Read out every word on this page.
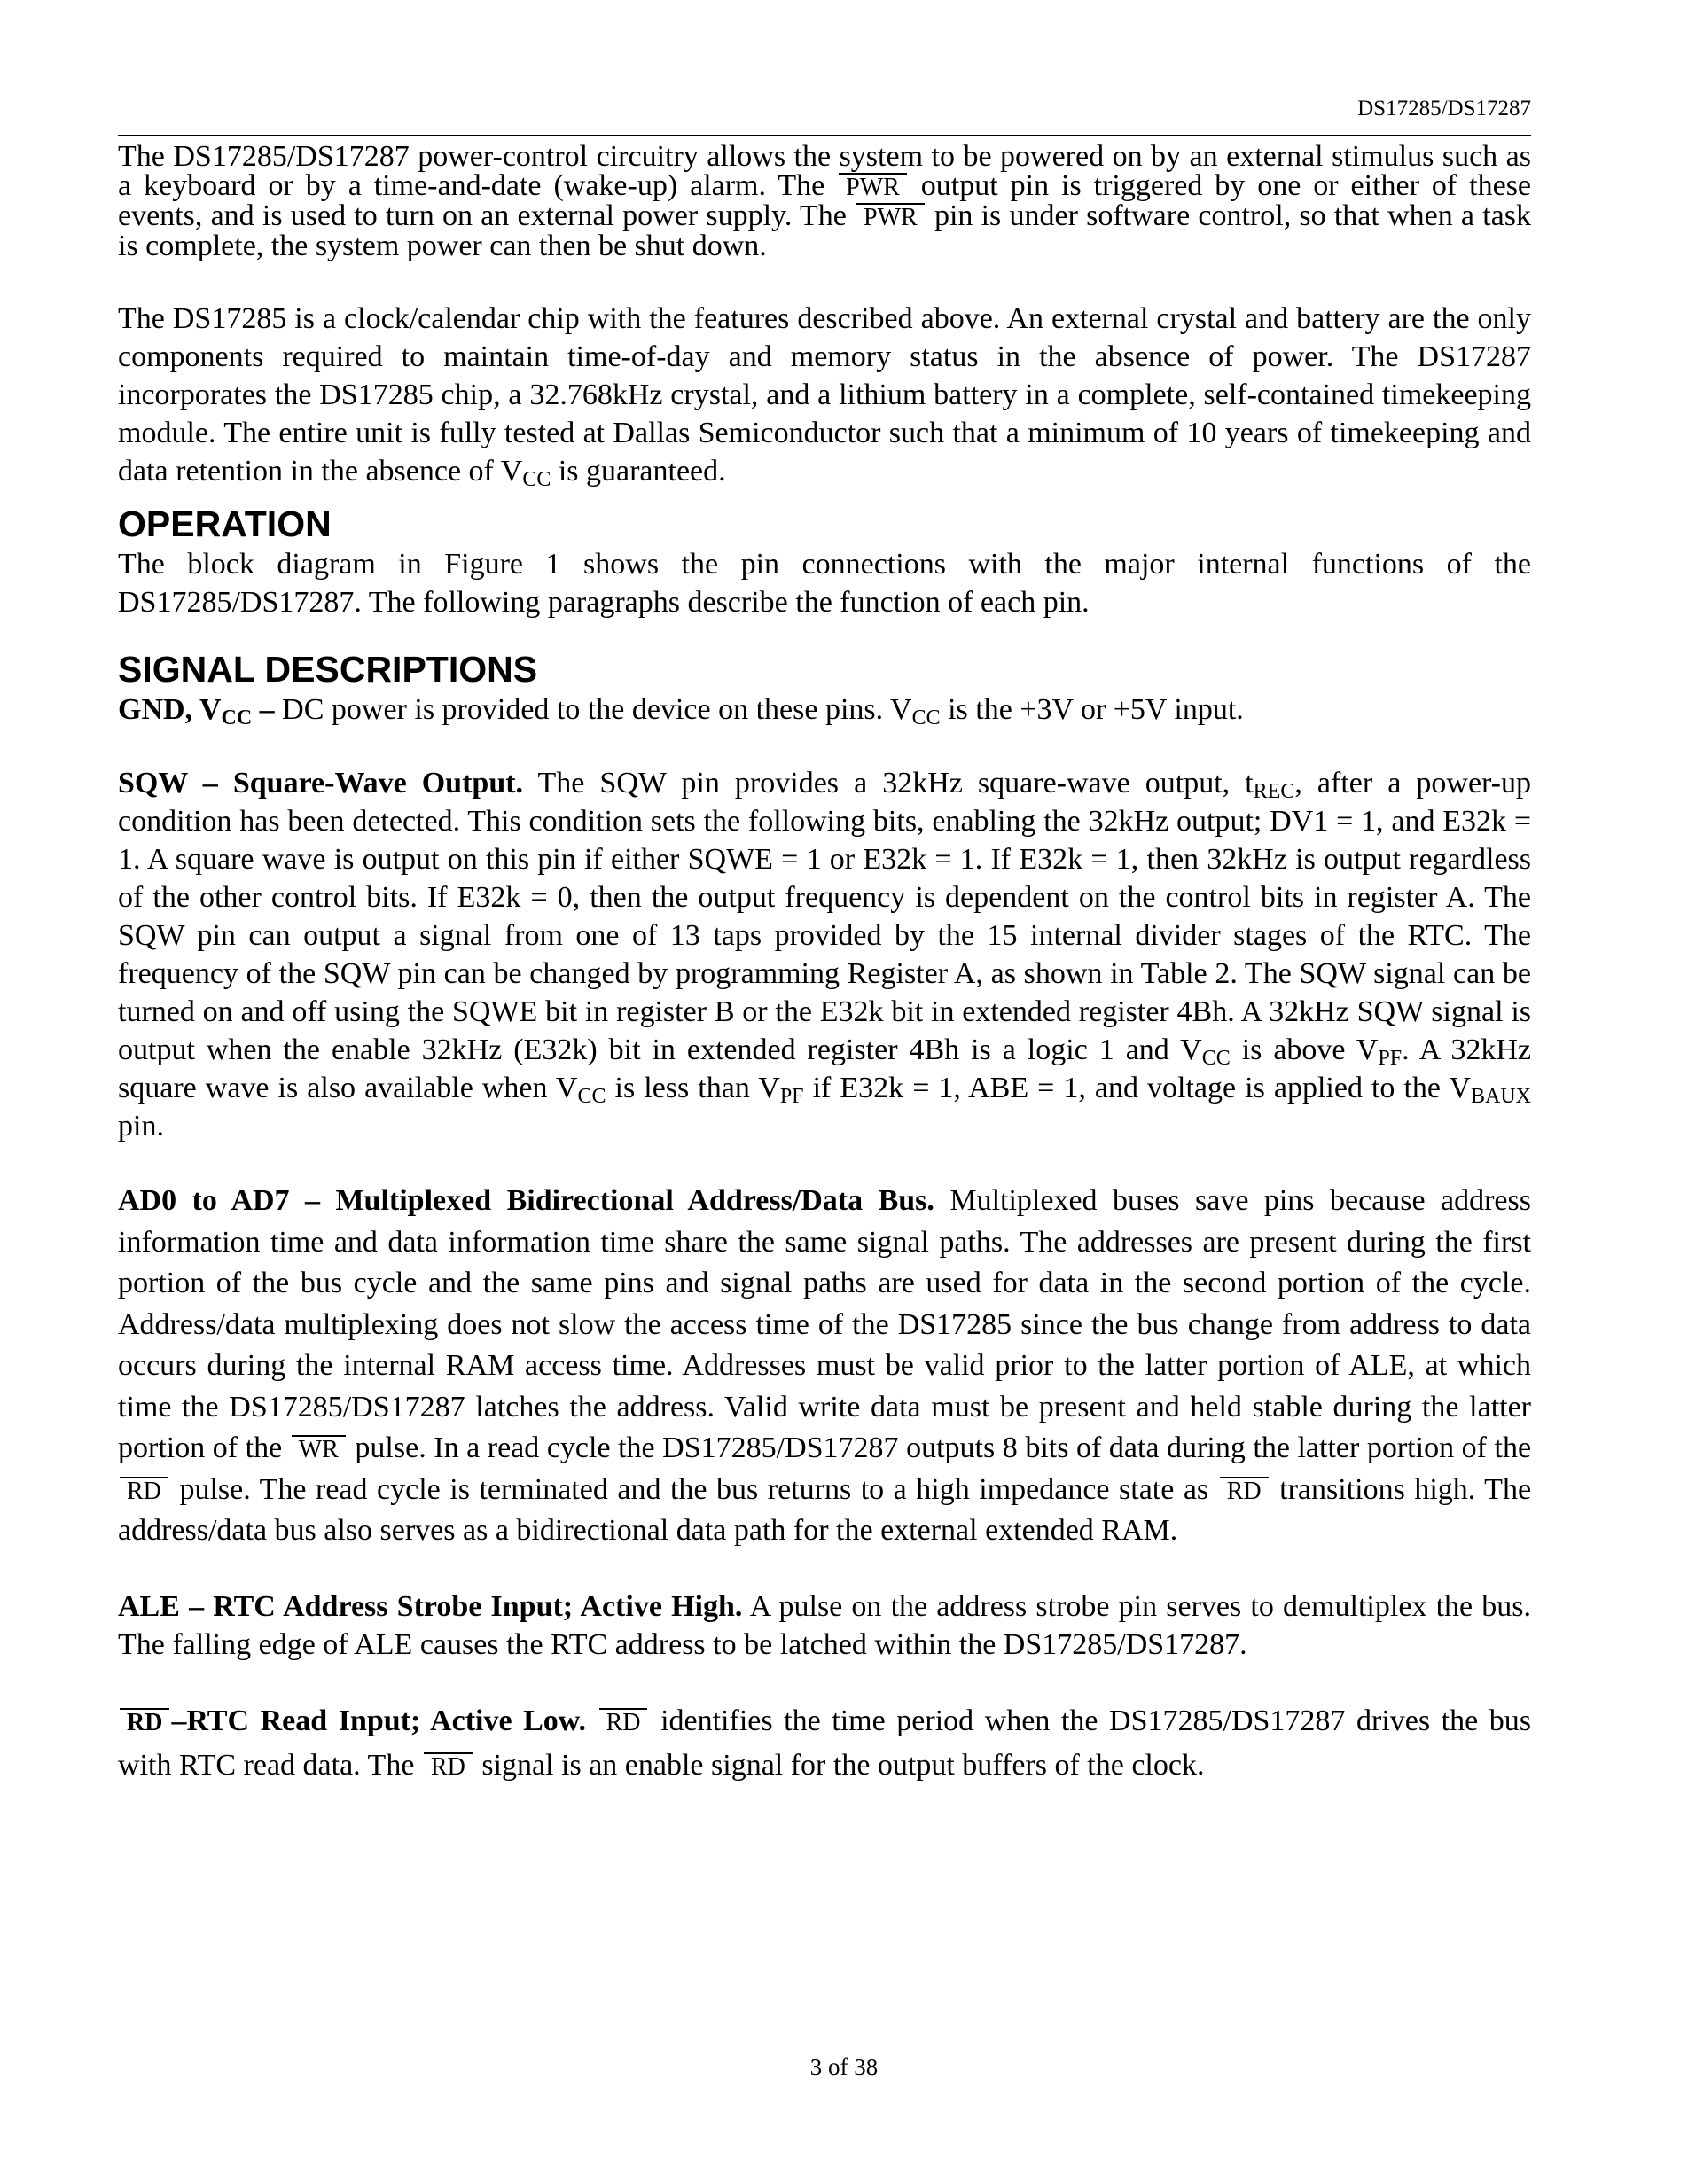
DS17285/DS17287

The DS17285/DS17287 power-control circuitry allows the system to be powered on by an external stimulus such as a keyboard or by a time-and-date (wake-up) alarm. The PWR output pin is triggered by one or either of these events, and is used to turn on an external power supply. The PWR pin is under software control, so that when a task is complete, the system power can then be shut down.

The DS17285 is a clock/calendar chip with the features described above. An external crystal and battery are the only components required to maintain time-of-day and memory status in the absence of power. The DS17287 incorporates the DS17285 chip, a 32.768kHz crystal, and a lithium battery in a complete, self-contained timekeeping module. The entire unit is fully tested at Dallas Semiconductor such that a minimum of 10 years of timekeeping and data retention in the absence of $V_{CC}$ is guaranteed.

OPERATION

The block diagram in Figure 1 shows the pin connections with the major internal functions of the DS17285/DS17287. The following paragraphs describe the function of each pin.

SIGNAL DESCRIPTIONS

GND, $V_{CC}$ – DC power is provided to the device on these pins. $V_{CC}$ is the +3V or +5V input.

SQW – Square-Wave Output. The SQW pin provides a 32kHz square-wave output, $t_{REC}$, after a power-up condition has been detected. This condition sets the following bits, enabling the 32kHz output; DV1 = 1, and E32k = 1. A square wave is output on this pin if either SQWE = 1 or E32k = 1. If E32k = 1, then 32kHz is output regardless of the other control bits. If E32k = 0, then the output frequency is dependent on the control bits in register A. The SQW pin can output a signal from one of 13 taps provided by the 15 internal divider stages of the RTC. The frequency of the SQW pin can be changed by programming Register A, as shown in Table 2. The SQW signal can be turned on and off using the SQWE bit in register B or the E32k bit in extended register 4Bh. A 32kHz SQW signal is output when the enable 32kHz (E32k) bit in extended register 4Bh is a logic 1 and $V_{CC}$ is above $V_{PF}$. A 32kHz square wave is also available when $V_{CC}$ is less than $V_{PF}$ if E32k = 1, ABE = 1, and voltage is applied to the $V_{BAUX}$ pin.

AD0 to AD7 – Multiplexed Bidirectional Address/Data Bus. Multiplexed buses save pins because address information time and data information time share the same signal paths. The addresses are present during the first portion of the bus cycle and the same pins and signal paths are used for data in the second portion of the cycle. Address/data multiplexing does not slow the access time of the DS17285 since the bus change from address to data occurs during the internal RAM access time. Addresses must be valid prior to the latter portion of ALE, at which time the DS17285/DS17287 latches the address. Valid write data must be present and held stable during the latter portion of the WR pulse. In a read cycle the DS17285/DS17287 outputs 8 bits of data during the latter portion of the RD pulse. The read cycle is terminated and the bus returns to a high impedance state as RD transitions high. The address/data bus also serves as a bidirectional data path for the external extended RAM.

ALE – RTC Address Strobe Input; Active High. A pulse on the address strobe pin serves to demultiplex the bus. The falling edge of ALE causes the RTC address to be latched within the DS17285/DS17287.

RD –RTC Read Input; Active Low. RD identifies the time period when the DS17285/DS17287 drives the bus with RTC read data. The RD signal is an enable signal for the output buffers of the clock.

3 of 38
